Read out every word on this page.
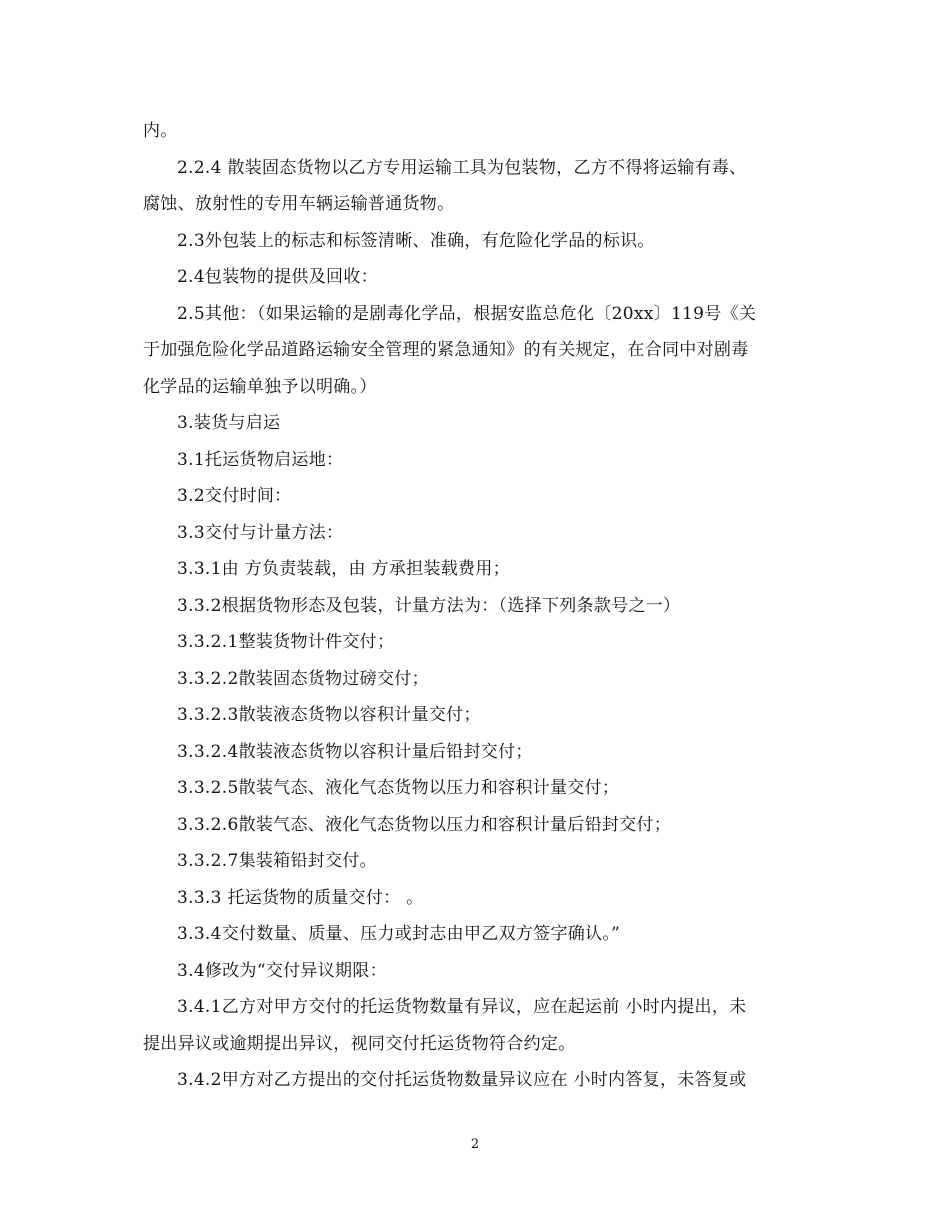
内。
2.2.4 散装固态货物以乙方专用运输工具为包装物，乙方不得将运输有毒、
腐蚀、放射性的专用车辆运输普通货物。
2.3外包装上的标志和标签清晰、准确，有危险化学品的标识。
2.4包装物的提供及回收：
2.5其他：（如果运输的是剧毒化学品，根据安监总危化〔20xx〕119号《关
于加强危险化学品道路运输安全管理的紧急通知》的有关规定，在合同中对剧毒
化学品的运输单独予以明确。）
3.装货与启运
3.1托运货物启运地：
3.2交付时间：
3.3交付与计量方法：
3.3.1由 方负责装载，由 方承担装载费用；
3.3.2根据货物形态及包装，计量方法为：（选择下列条款号之一）
3.3.2.1整装货物计件交付；
3.3.2.2散装固态货物过磅交付；
3.3.2.3散装液态货物以容积计量交付；
3.3.2.4散装液态货物以容积计量后铅封交付；
3.3.2.5散装气态、液化气态货物以压力和容积计量交付；
3.3.2.6散装气态、液化气态货物以压力和容积计量后铅封交付；
3.3.2.7集装箱铅封交付。
3.3.3 托运货物的质量交付： 。
3.3.4交付数量、质量、压力或封志由甲乙双方签字确认。”
3.4修改为“交付异议期限：
3.4.1乙方对甲方交付的托运货物数量有异议，应在起运前 小时内提出，未
提出异议或逾期提出异议，视同交付托运货物符合约定。
3.4.2甲方对乙方提出的交付托运货物数量异议应在 小时内答复，未答复或
2
